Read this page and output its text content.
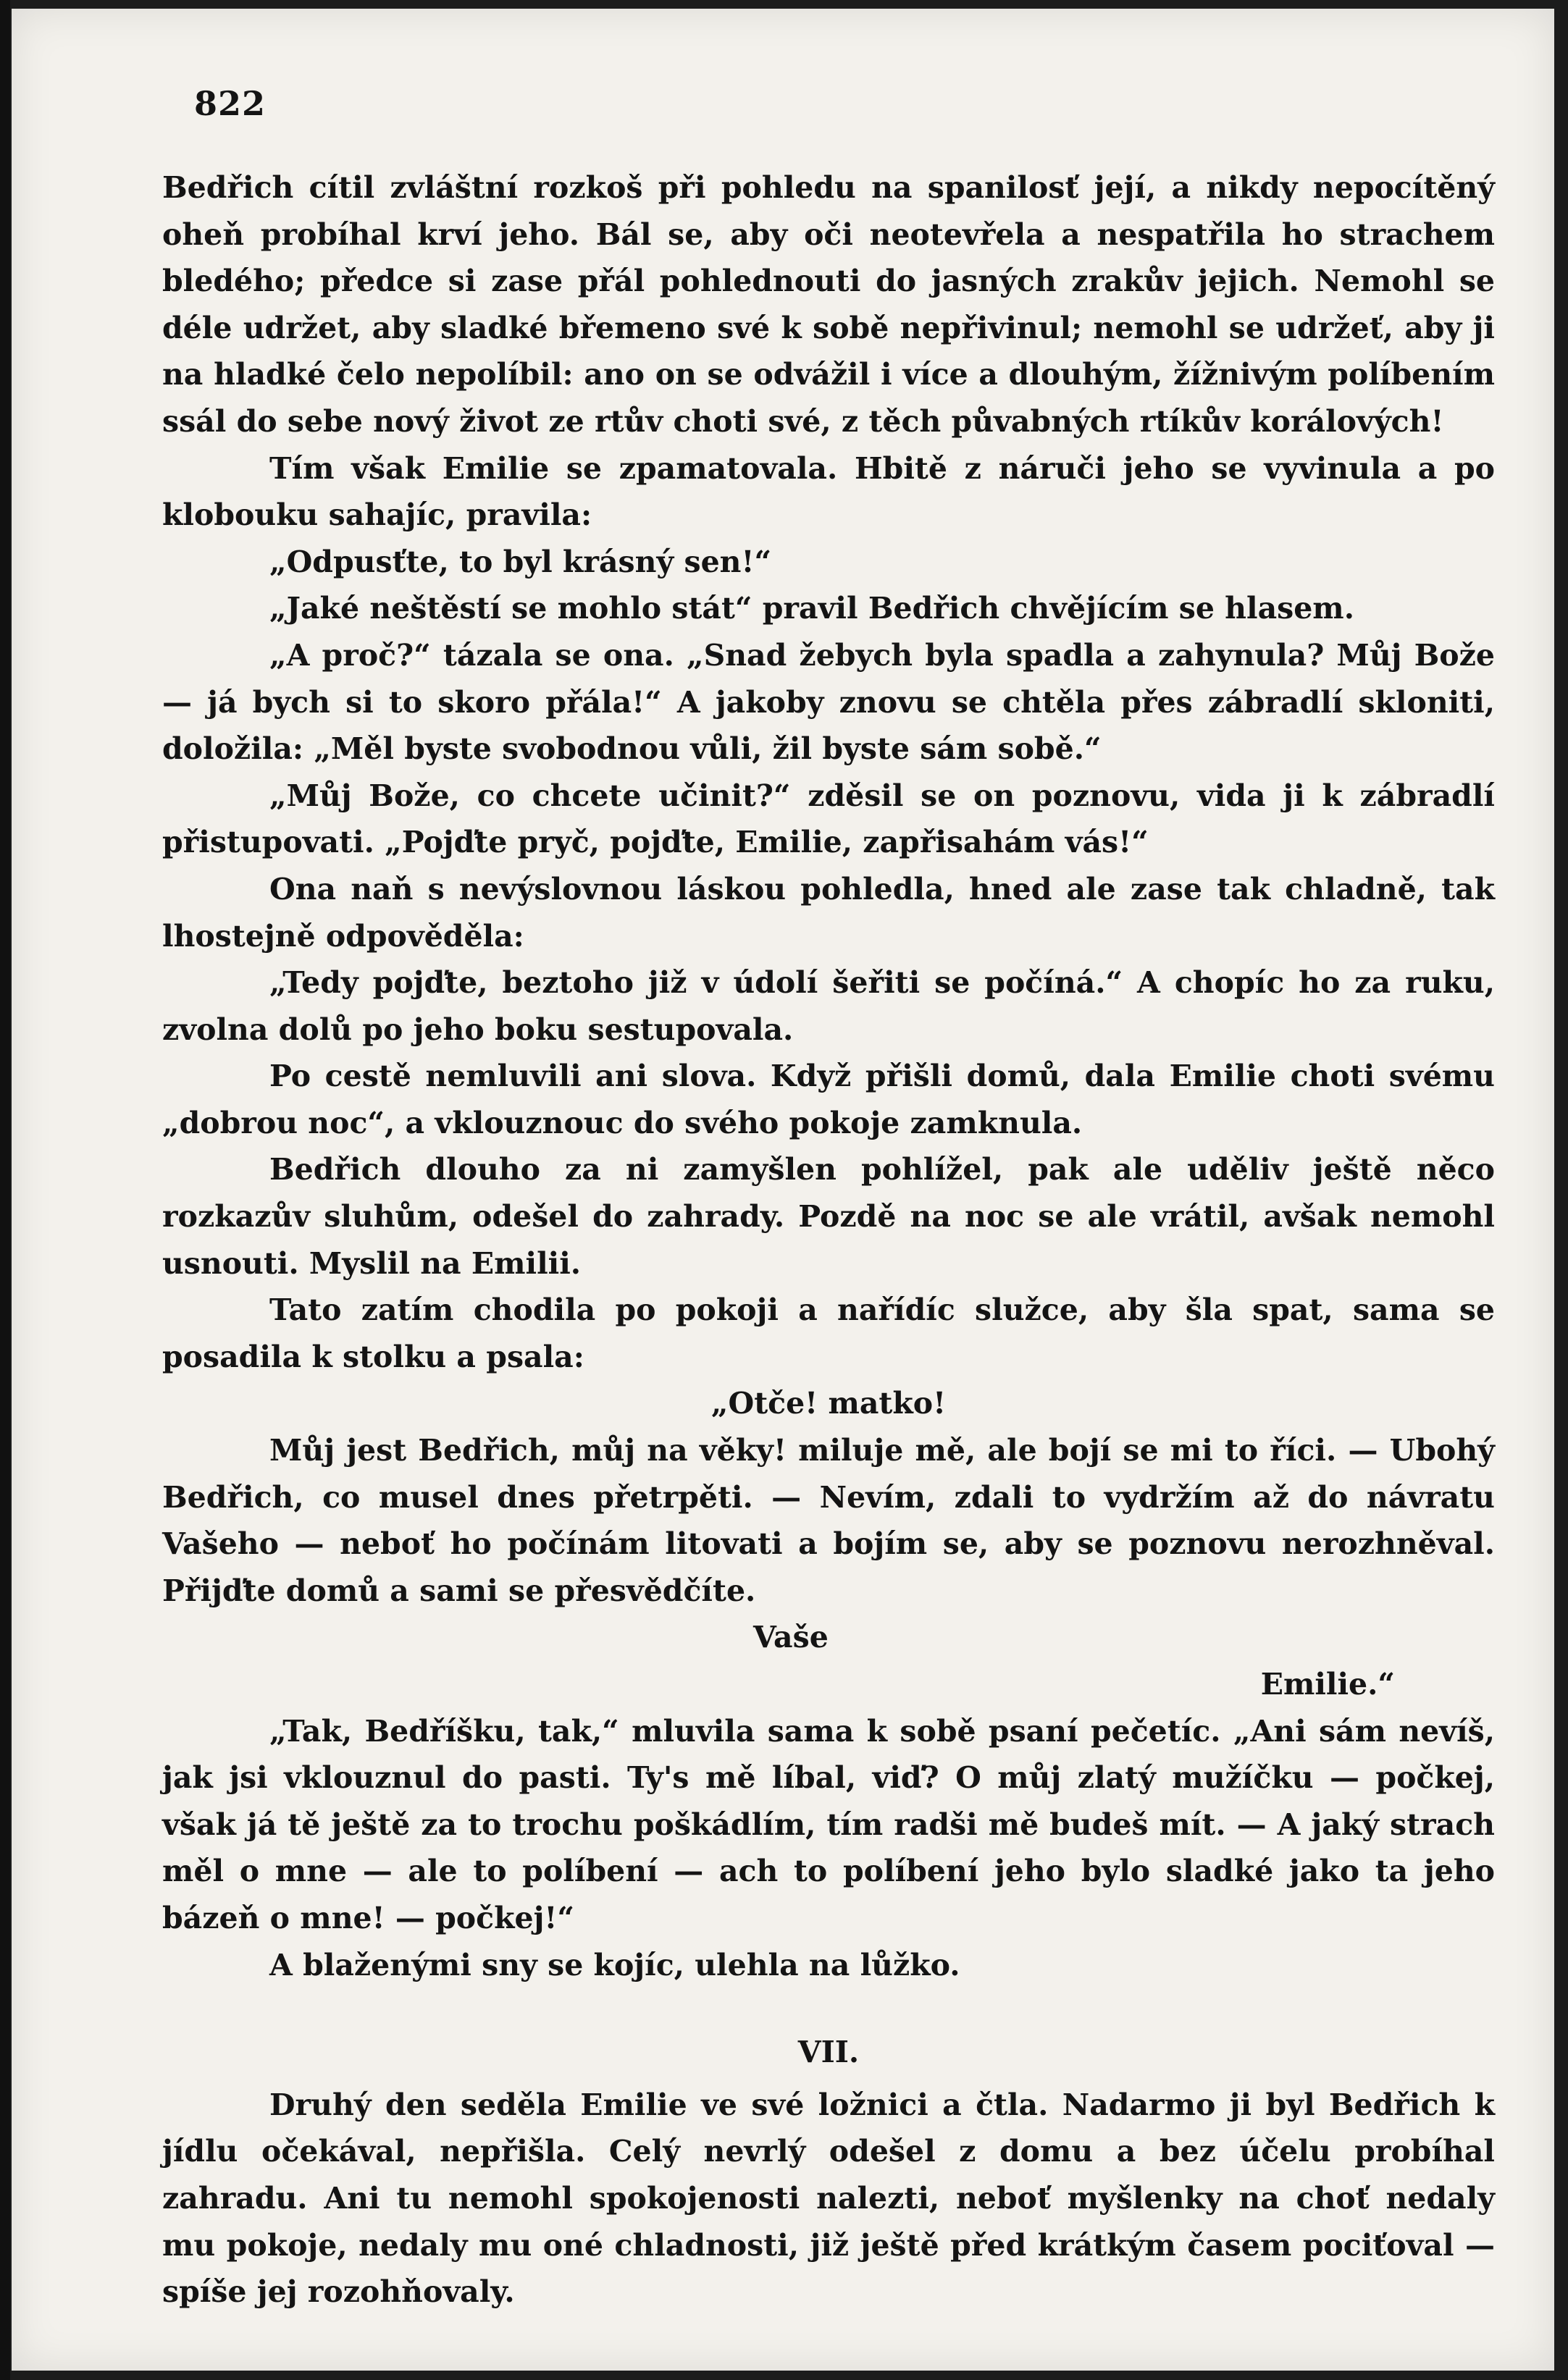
822

Bedřich cítil zvláštní rozkoš při pohledu na spanilosť její, a nikdy nepocítěný oheň probíhal krví jeho. Bál se, aby oči neotevřela a nespatřila ho strachem bledého; předce si zase přál pohlednouti do jasných zrakův jejich. Nemohl se déle udržet, aby sladké břemeno své k sobě nepřivinul; nemohl se udržeť, aby ji na hladké čelo nepolíbil: ano on se odvážil i více a dlouhým, žížnivým políbením ssál do sebe nový život ze rtův choti své, z těch půvabných rtíkův korálových!

Tím však Emilie se zpamatovala. Hbitě z náruči jeho se vyvinula a po klobouku sahajíc, pravila:

„Odpusťte, to byl krásný sen!“

„Jaké neštěstí se mohlo stát“ pravil Bedřich chvějícím se hlasem.

„A proč?“ tázala se ona. „Snad žebych byla spadla a zahynula? Můj Bože — já bych si to skoro přála!“ A jakoby znovu se chtěla přes zábradlí skloniti, doložila: „Měl byste svobodnou vůli, žil byste sám sobě.“

„Můj Bože, co chcete učinit?“ zděsil se on poznovu, vida ji k zábradlí přistupovati. „Pojďte pryč, pojďte, Emilie, zapřisahám vás!“

Ona naň s nevýslovnou láskou pohledla, hned ale zase tak chladně, tak lhostejně odpověděla:

„Tedy pojďte, beztoho již v údolí šeřiti se počíná.“ A chopíc ho za ruku, zvolna dolů po jeho boku sestupovala.

Po cestě nemluvili ani slova. Když přišli domů, dala Emilie choti svému „dobrou noc“, a vklouznouc do svého pokoje zamknula.

Bedřich dlouho za ni zamyšlen pohlížel, pak ale uděliv ještě něco rozkazův sluhům, odešel do zahrady. Pozdě na noc se ale vrátil, avšak nemohl usnouti. Myslil na Emilii.

Tato zatím chodila po pokoji a nařídíc služce, aby šla spat, sama se posadila k stolku a psala:

„Otče! matko!

Můj jest Bedřich, můj na věky! miluje mě, ale bojí se mi to říci. — Ubohý Bedřich, co musel dnes přetrpěti. — Nevím, zdali to vydržím až do návratu Vašeho — neboť ho počínám litovati a bojím se, aby se poznovu nerozhněval. Přijďte domů a sami se přesvědčíte.

Vaše

Emilie.“

„Tak, Bedříšku, tak,“ mluvila sama k sobě psaní pečetíc. „Ani sám nevíš, jak jsi vklouznul do pasti. Ty's mě líbal, viď? O můj zlatý mužíčku — počkej, však já tě ještě za to trochu poškádlím, tím radši mě budeš mít. — A jaký strach měl o mne — ale to políbení — ach to políbení jeho bylo sladké jako ta jeho bázeň o mne! — počkej!“

A blaženými sny se kojíc, ulehla na lůžko.

VII.

Druhý den seděla Emilie ve své ložnici a čtla. Nadarmo ji byl Bedřich k jídlu očekával, nepřišla. Celý nevrlý odešel z domu a bez účelu probíhal zahradu. Ani tu nemohl spokojenosti nalezti, neboť myšlenky na choť nedaly mu pokoje, nedaly mu oné chladnosti, již ještě před krátkým časem pociťoval — spíše jej rozohňovaly.
